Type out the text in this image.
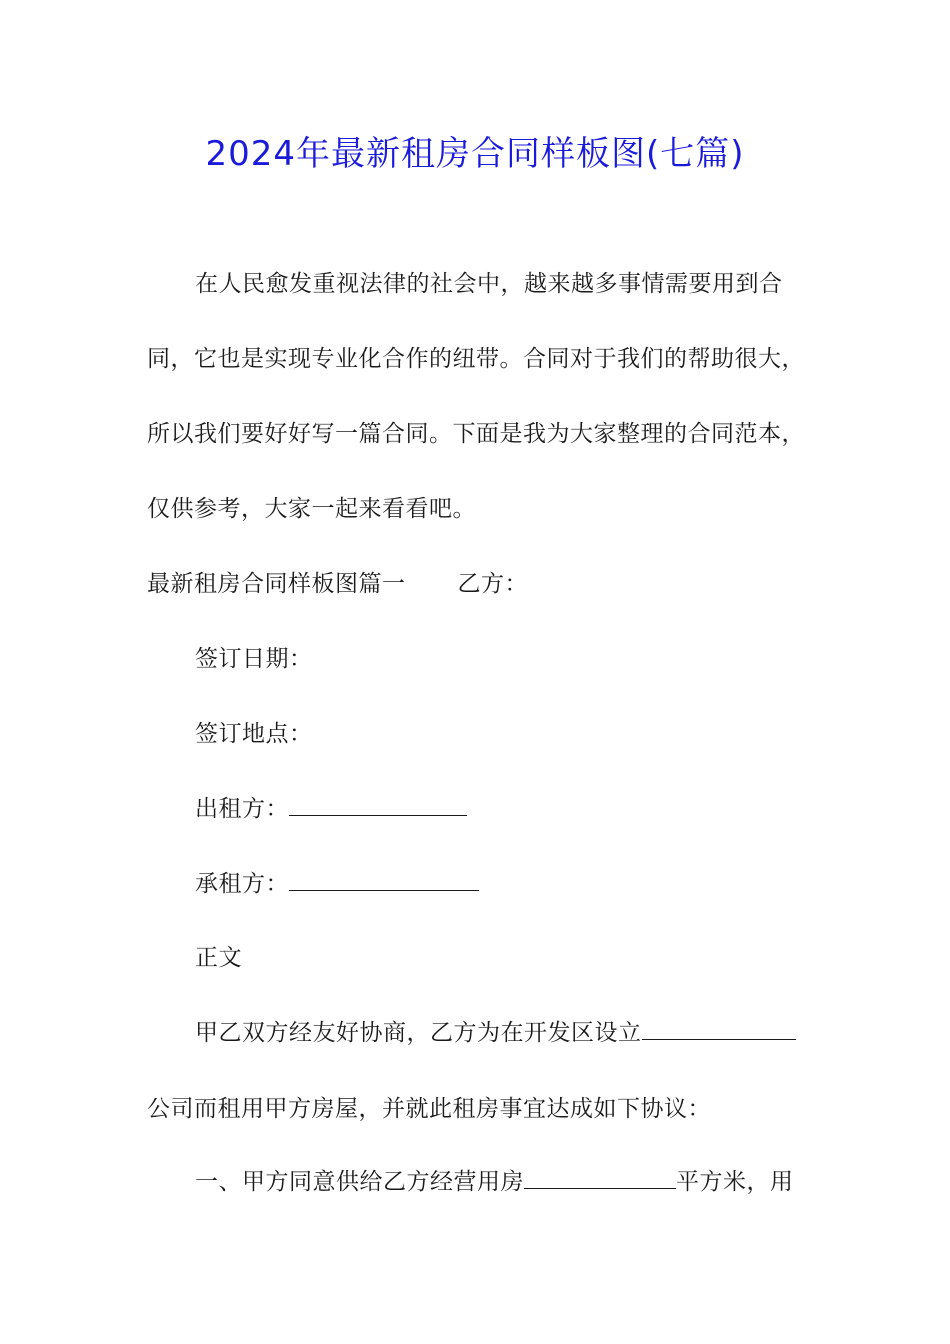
2024年最新租房合同样板图(七篇)
在人民愈发重视法律的社会中，越来越多事情需要用到合
同，它也是实现专业化合作的纽带。合同对于我们的帮助很大，
所以我们要好好写一篇合同。下面是我为大家整理的合同范本，
仅供参考，大家一起来看看吧。
最新租房合同样板图篇一 乙方：
签订日期：
签订地点：
出租方：
承租方：
正文
甲乙双方经友好协商，乙方为在开发区设立
公司而租用甲方房屋，并就此租房事宜达成如下协议：
一、甲方同意供给乙方经营用房	平方米，用
